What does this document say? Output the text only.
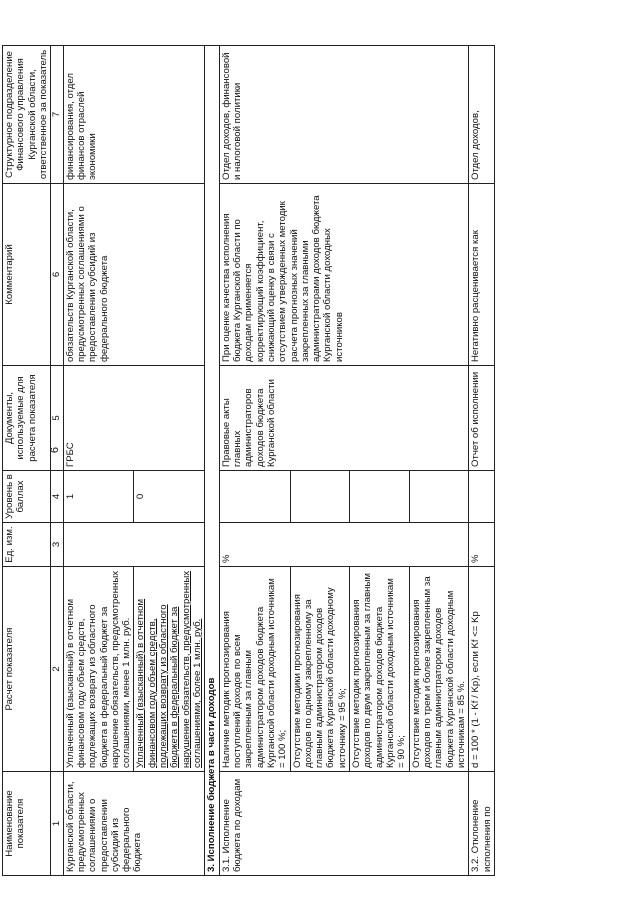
6
Наименование показателя	Расчет показателя	Ед. изм.	Уровень в баллах	Документы, используемые для расчета показателя	Комментарий	Структурное подразделение Финансового управления Курганской области, ответственное за показатель
1	2	3	4	5	6	7
Курганской области, предусмотренных соглашениями о предоставлении субсидий из федерального бюджета	Уплаченный (взысканный) в отчетном финансовом году объем средств, подлежащих возврату из областного бюджета в федеральный бюджет за нарушение обязательств, предусмотренных соглашениями, менее 1 млн. руб.		1	ГРБС	обязательств Курганской области, предусмотренных соглашениями о предоставлении субсидий из федерального бюджета	финансирования, отдел финансов отраслей экономики
	Уплаченный (взысканный) в отчетном финансовом году объем средств, подлежащих возврату из областного бюджета в федеральный бюджет за нарушение обязательств, предусмотренных соглашениями, более 1 млн. руб.		0			
3. Исполнение бюджета в части доходов						
3.1. Исполнение бюджета по доходам	Наличие методик прогнозирования поступлений доходов по всем закрепленным за главным администратором доходов бюджета Курганской области доходным источникам = 100 %;	%		Правовые акты главных администраторов доходов бюджета Курганской области	При оценке качества исполнения бюджета Курганской области по доходам применяется корректирующий коэффициент, снижающий оценку в связи с отсутствием утвержденных методик расчета прогнозных значений закрепленных за главными администраторами доходов бюджета Курганской области доходных источников	Отдел доходов, финансовой и налоговой политики
	Отсутствие методики прогнозирования доходов по одному закрепленному за главным администратором доходов бюджета Курганской области доходному источнику = 95 %;					
	Отсутствие методик прогнозирования доходов по двум закрепленным за главным администратором доходов бюджета Курганской области доходным источникам = 90 %;					
	Отсутствие методик прогнозирования доходов по трем и более закрепленным за главным администратором доходов бюджета Курганской области доходным источникам = 85 %.					
3.2. Отклонение исполнения по	d = 100 * (1 - Kf / Kp), если Kf <= Kp	%		Отчет об исполнении	Негативно расценивается как	Отдел доходов,
